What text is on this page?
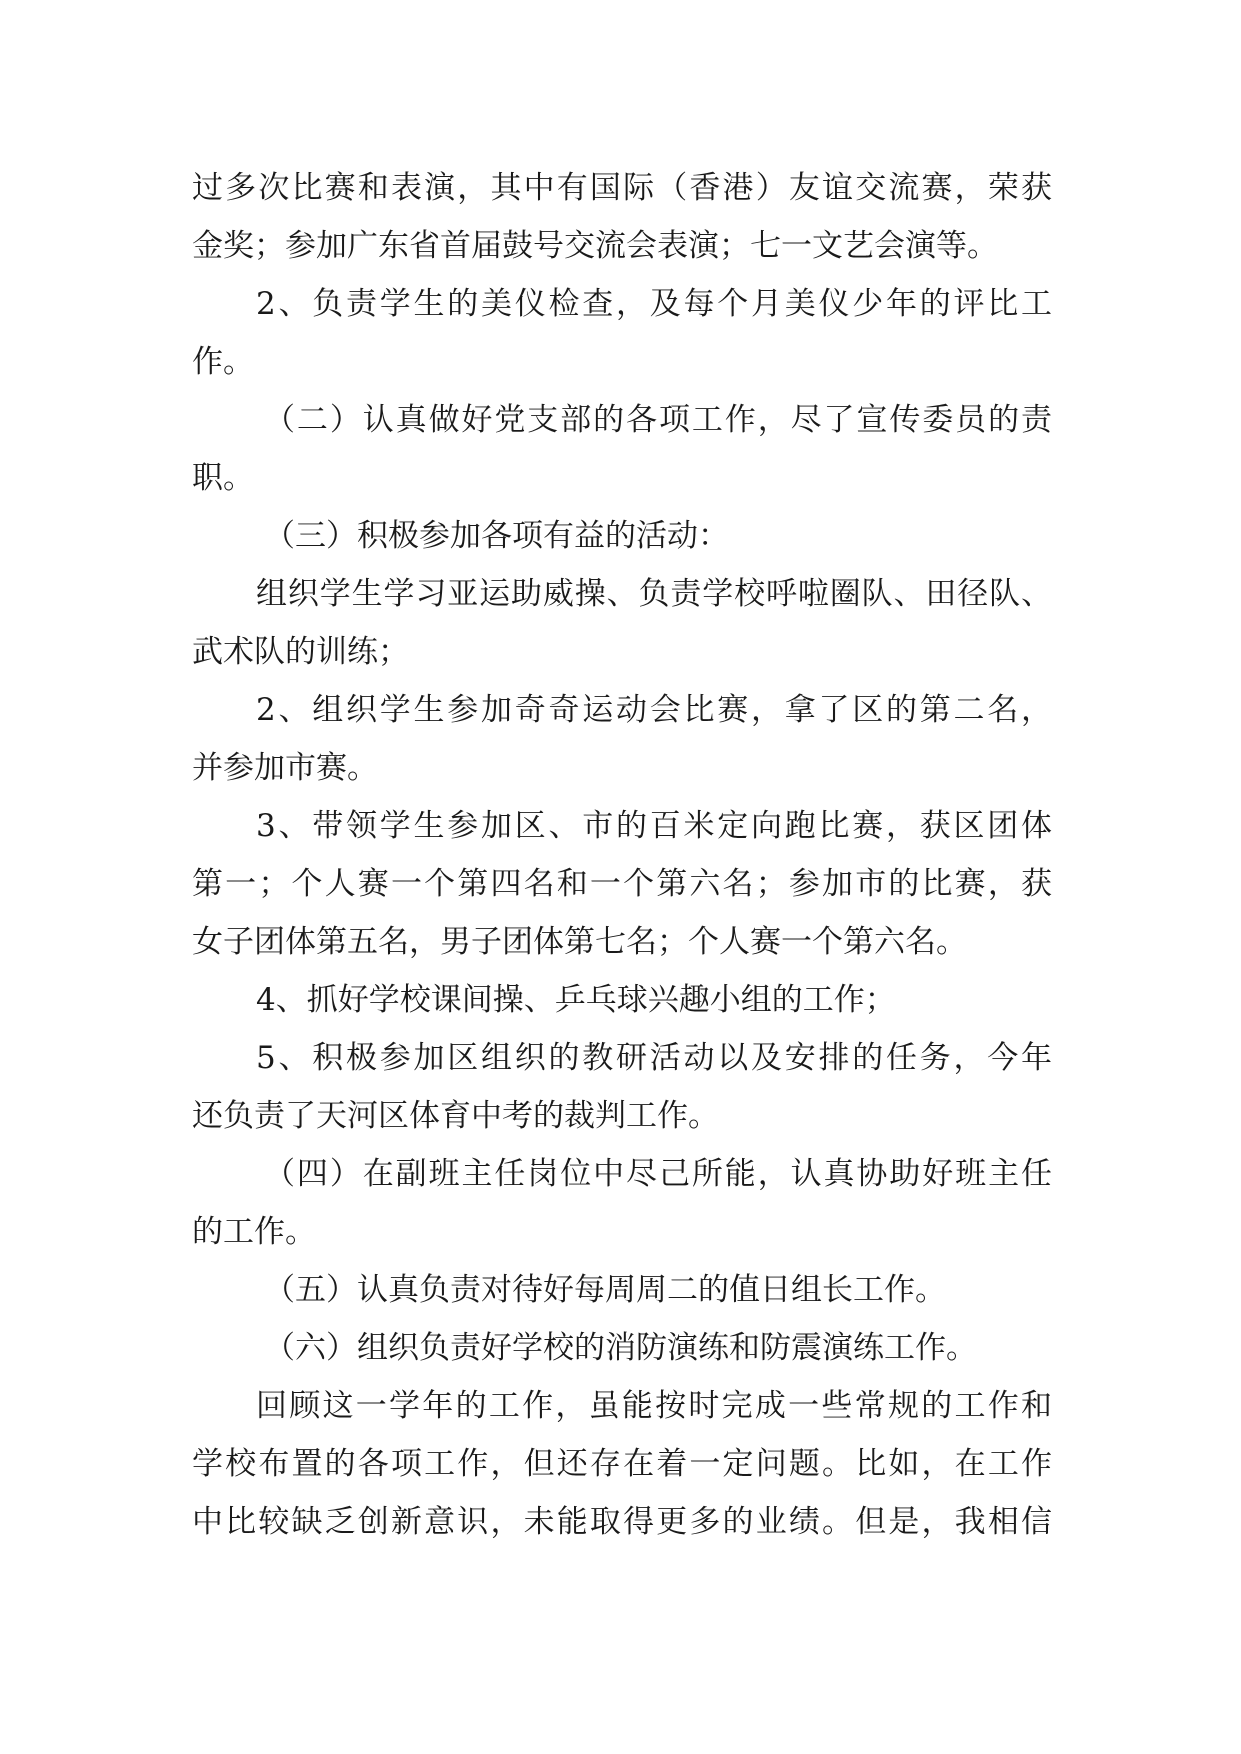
过多次比赛和表演，其中有国际（香港）友谊交流赛，荣获
金奖；参加广东省首届鼓号交流会表演；七一文艺会演等。
2、负责学生的美仪检查，及每个月美仪少年的评比工
作。
（二）认真做好党支部的各项工作，尽了宣传委员的责
职。
（三）积极参加各项有益的活动：
组织学生学习亚运助威操、负责学校呼啦圈队、田径队、
武术队的训练；
2、组织学生参加奇奇运动会比赛，拿了区的第二名，
并参加市赛。
3、带领学生参加区、市的百米定向跑比赛，获区团体
第一；个人赛一个第四名和一个第六名；参加市的比赛，获
女子团体第五名，男子团体第七名；个人赛一个第六名。
4、抓好学校课间操、乒乓球兴趣小组的工作；
5、积极参加区组织的教研活动以及安排的任务，今年
还负责了天河区体育中考的裁判工作。
（四）在副班主任岗位中尽己所能，认真协助好班主任
的工作。
（五）认真负责对待好每周周二的值日组长工作。
（六）组织负责好学校的消防演练和防震演练工作。
回顾这一学年的工作，虽能按时完成一些常规的工作和
学校布置的各项工作，但还存在着一定问题。比如，在工作
中比较缺乏创新意识，未能取得更多的业绩。但是，我相信
